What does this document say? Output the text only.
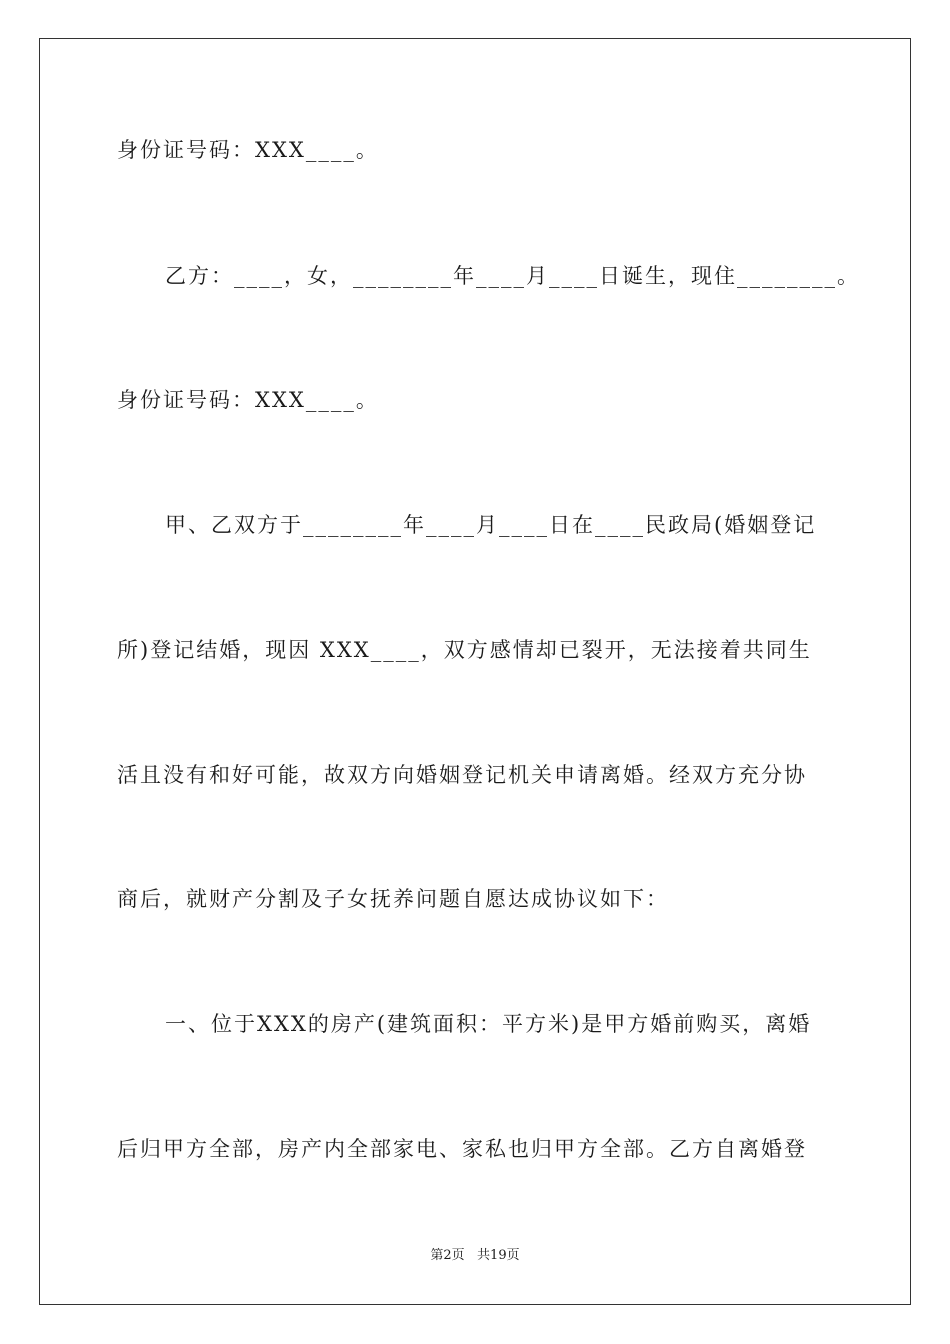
身份证号码：XXX____。
乙方：____，女，________年____月____日诞生，现住________。
身份证号码：XXX____。
甲、乙双方于________年____月____日在____民政局(婚姻登记
所)登记结婚，现因 XXX____，双方感情却已裂开，无法接着共同生
活且没有和好可能，故双方向婚姻登记机关申请离婚。经双方充分协
商后，就财产分割及子女抚养问题自愿达成协议如下：
一、位于XXX的房产(建筑面积：平方米)是甲方婚前购买，离婚
后归甲方全部，房产内全部家电、家私也归甲方全部。乙方自离婚登
第2页   共19页
